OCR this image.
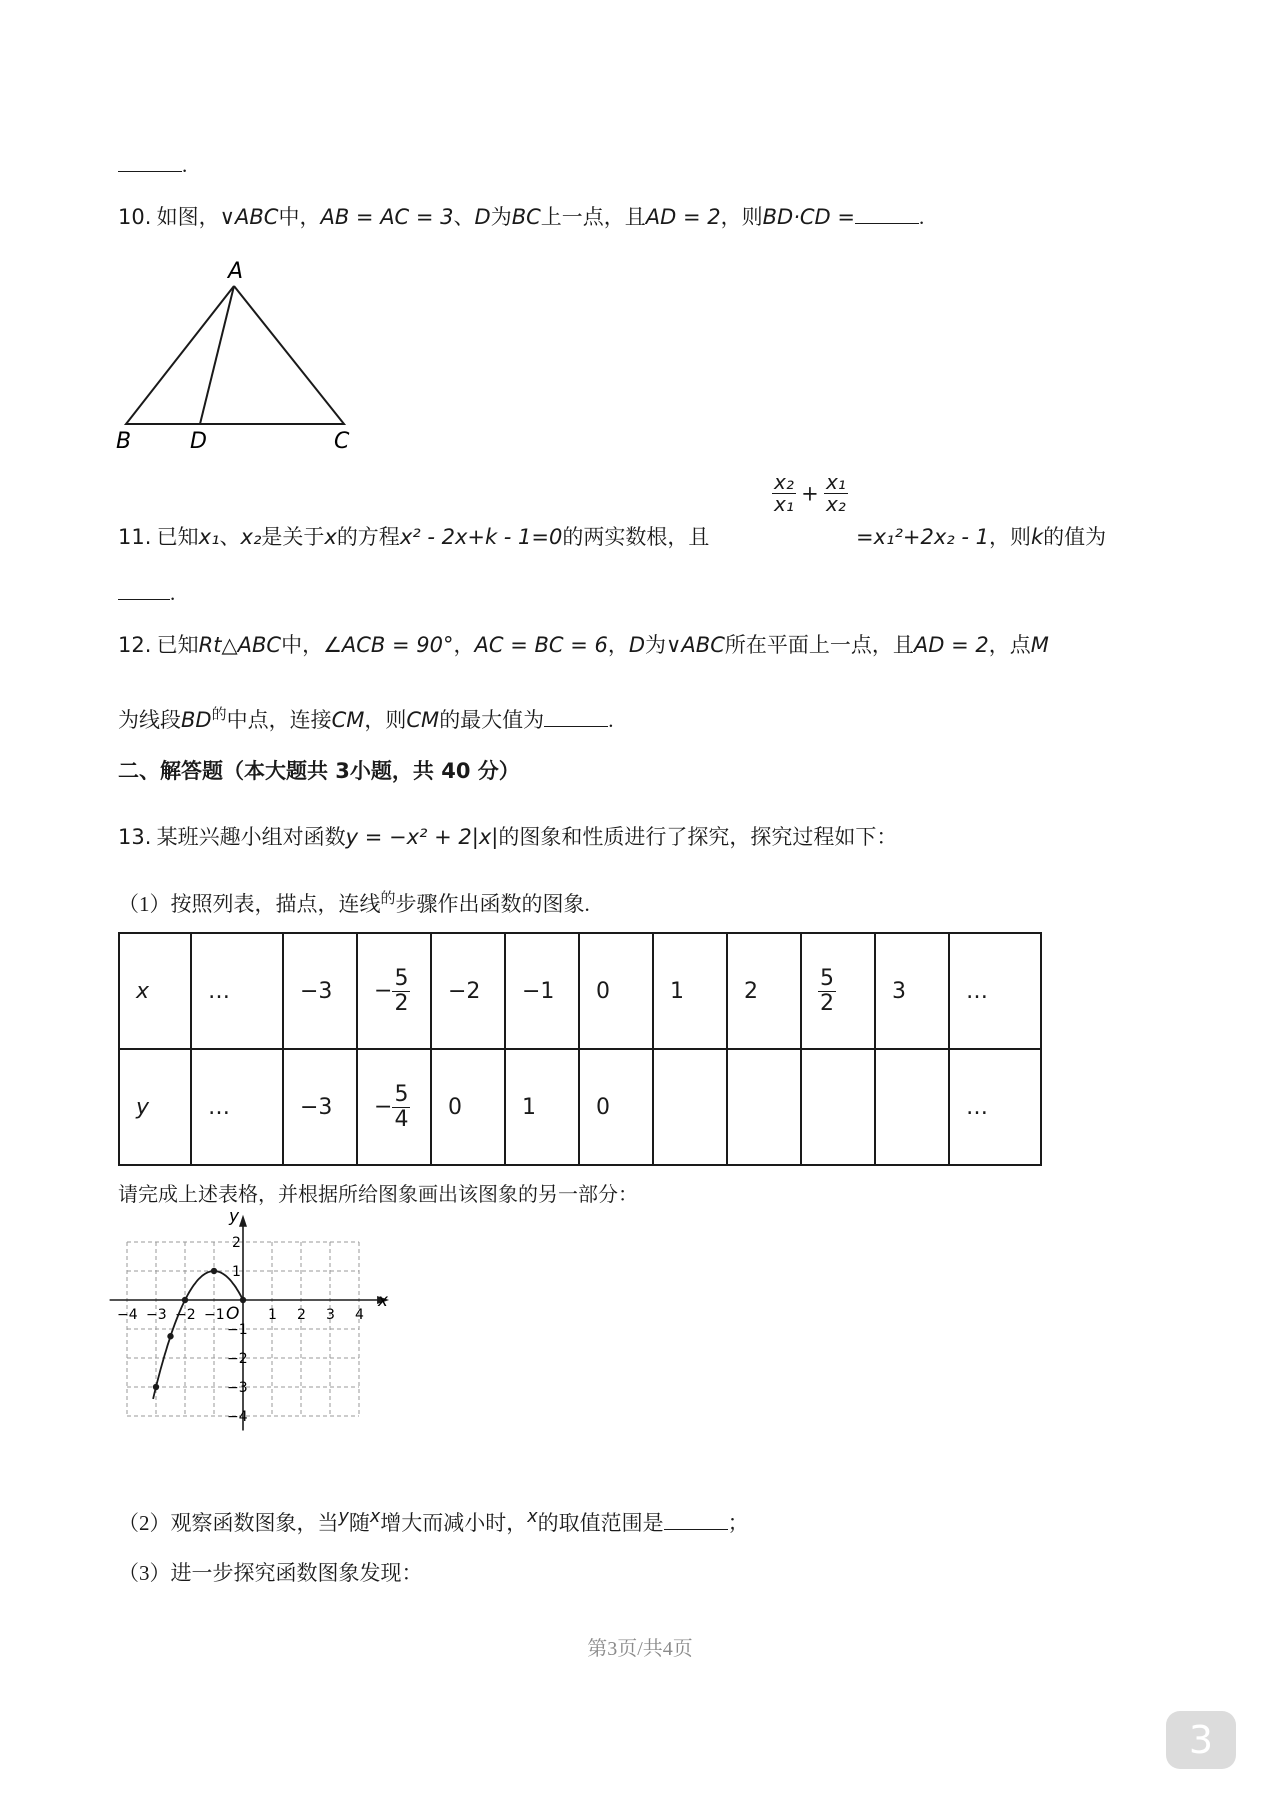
.
10. 如图，∨ABC中，AB = AC = 3、D为BC上一点，且AD = 2，则BD·CD =	.
A
B	D	C
11. 已知x₁、x₂是关于x的方程x² - 2x+k - 1=0的两实数根，且
$\frac{\text{x₂}}{\text{x₁}} + \frac{\text{x₁}}{\text{x₂}}$
=x₁²+2x₂ - 1，则k的值为
.
12. 已知Rt△ABC中，∠ACB = 90°，AC = BC = 6，D为∨ABC所在平面上一点，且AD = 2，点M
为线段$BD^的$中点，连接CM，则CM的最大值为	.
二、解答题（本大题共 3小题，共 40 分）
13. 某班兴趣小组对函数y = −x² + 2|x|的图象和性质进行了探究，探究过程如下：
（1）按照列表，描点，连线$^的$步骤作出函数的图象.
x	…	−3	− $\frac{5}{2}$	−2	−1	0	1	2	$\frac{5}{2}$	3	…
y	…	−3	− $\frac{5}{4}$	0	1	0					…
请完成上述表格，并根据所给图象画出该图象的另一部分：
x
y
O
−4 −3 −2 −1	1 2 3 4
2
1
−1
−2
−3
−4
（2）观察函数图象，当$^y$随$^x$增大而减小时，$^x$的取值范围是	；
（3）进一步探究函数图象发现：
第3页/共4页
3
